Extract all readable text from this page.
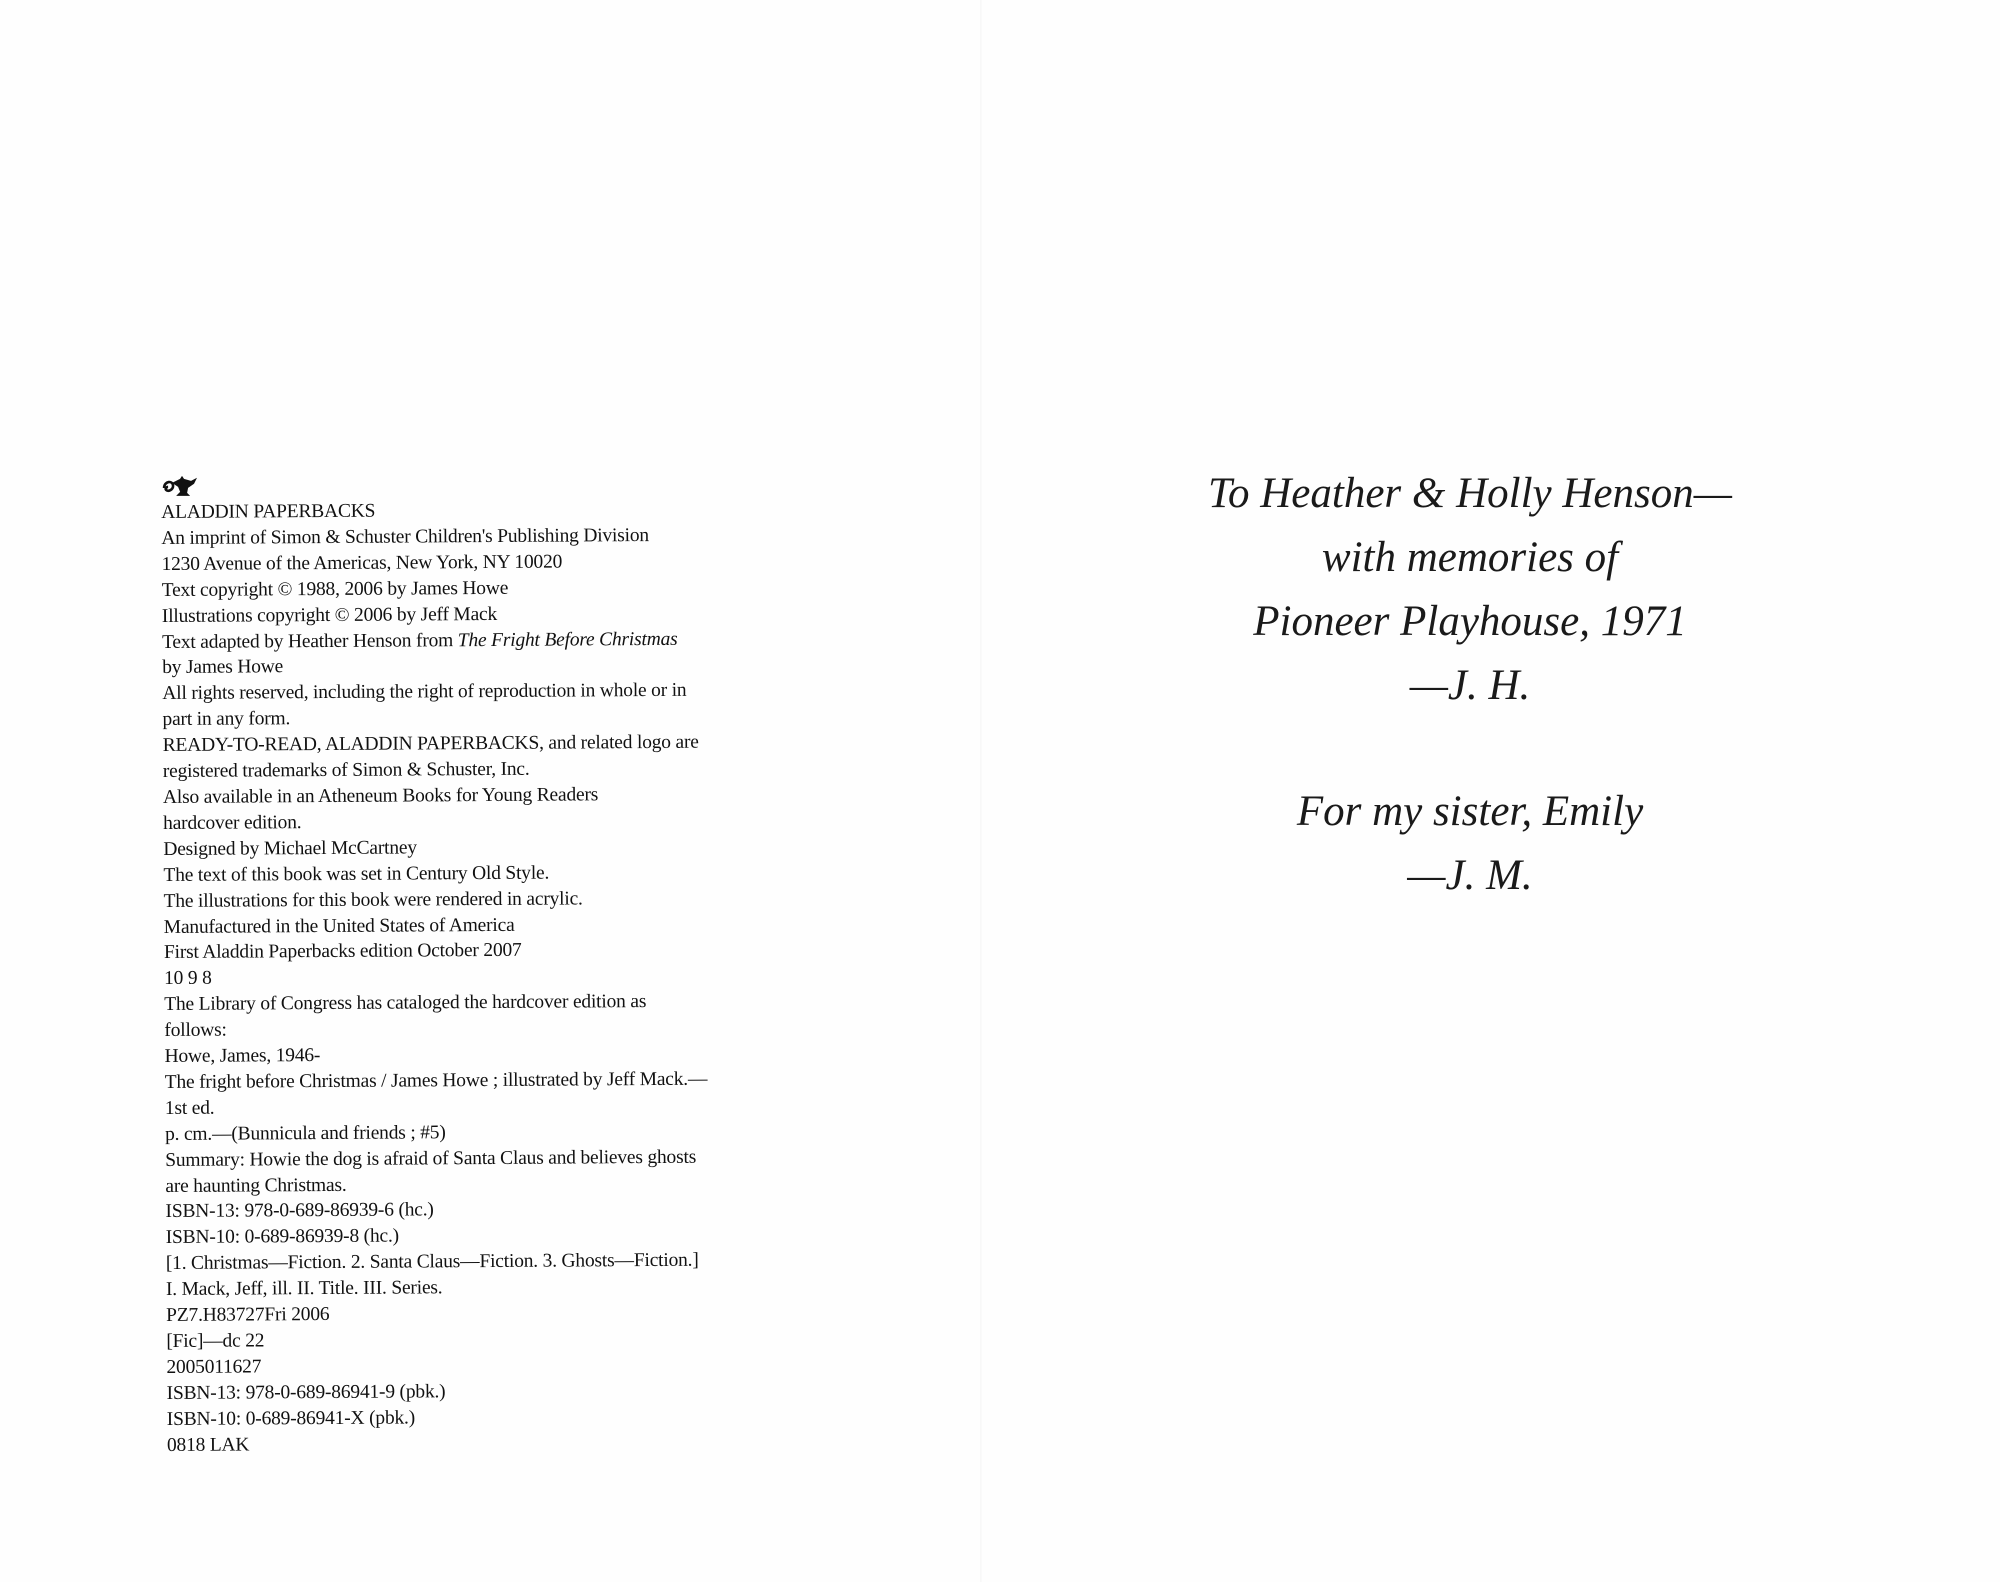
ALADDIN PAPERBACKS
An imprint of Simon & Schuster Children's Publishing Division
1230 Avenue of the Americas, New York, NY 10020
Text copyright © 1988, 2006 by James Howe
Illustrations copyright © 2006 by Jeff Mack
Text adapted by Heather Henson from The Fright Before Christmas
by James Howe
All rights reserved, including the right of reproduction in whole or in
part in any form.
READY-TO-READ, ALADDIN PAPERBACKS, and related logo are
registered trademarks of Simon & Schuster, Inc.
Also available in an Atheneum Books for Young Readers
hardcover edition.
Designed by Michael McCartney
The text of this book was set in Century Old Style.
The illustrations for this book were rendered in acrylic.
Manufactured in the United States of America
First Aladdin Paperbacks edition October 2007
10 9 8
The Library of Congress has cataloged the hardcover edition as
follows:
Howe, James, 1946-
The fright before Christmas / James Howe ; illustrated by Jeff Mack.—
1st ed.
p. cm.—(Bunnicula and friends ; #5)
Summary: Howie the dog is afraid of Santa Claus and believes ghosts
are haunting Christmas.
ISBN-13: 978-0-689-86939-6 (hc.)
ISBN-10: 0-689-86939-8 (hc.)
[1. Christmas—Fiction. 2. Santa Claus—Fiction. 3. Ghosts—Fiction.]
I. Mack, Jeff, ill. II. Title. III. Series.
PZ7.H83727Fri 2006
[Fic]—dc 22
2005011627
ISBN-13: 978-0-689-86941-9 (pbk.)
ISBN-10: 0-689-86941-X (pbk.)
0818 LAK
To Heather & Holly Henson—
with memories of
Pioneer Playhouse, 1971
—J. H.
For my sister, Emily
—J. M.
